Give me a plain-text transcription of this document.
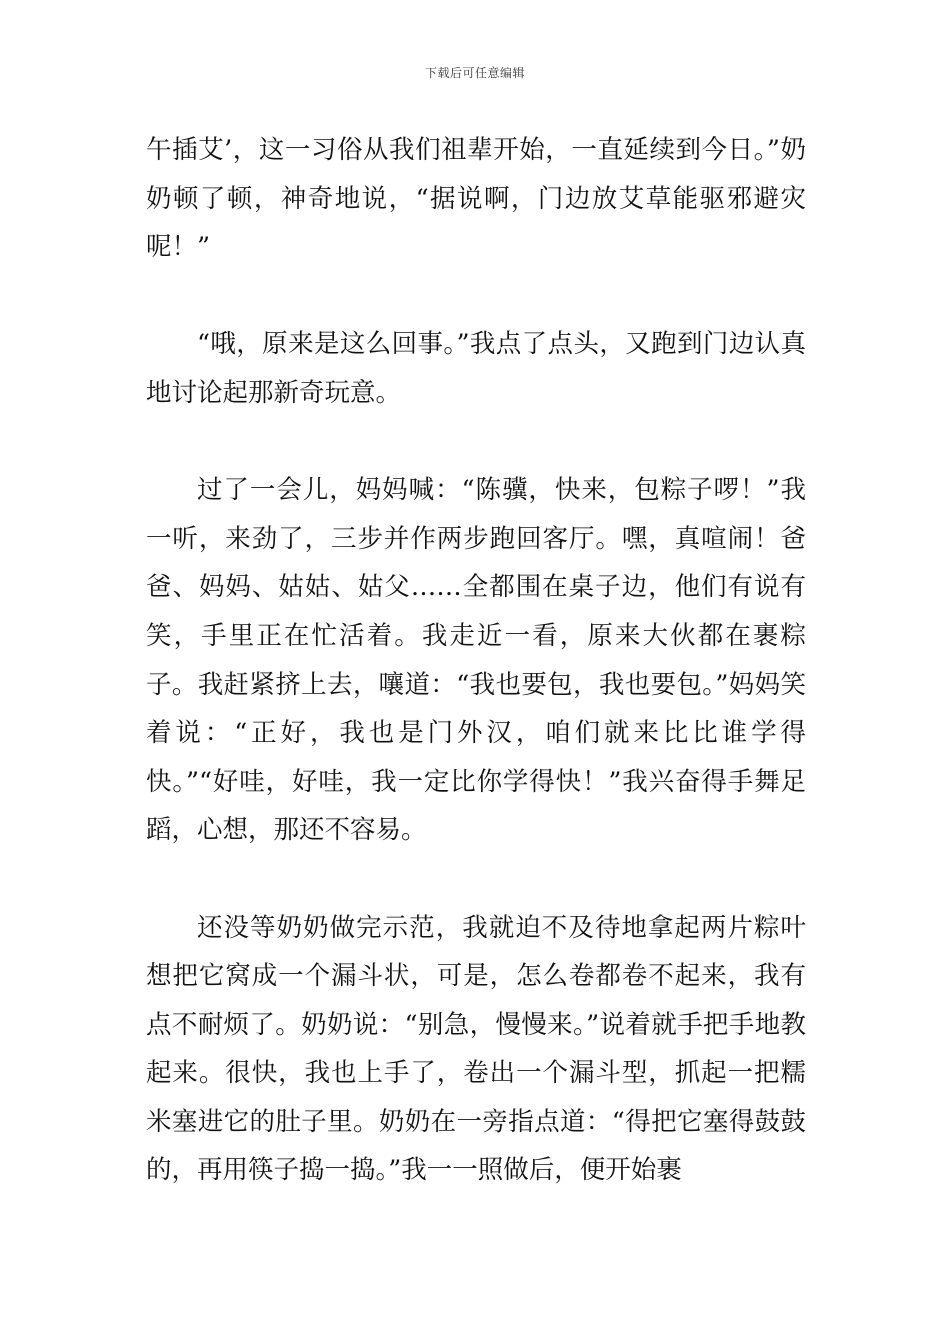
下载后可任意编辑

午插艾’，这一习俗从我们祖辈开始，一直延续到今日。”奶奶顿了顿，神奇地说，“据说啊，门边放艾草能驱邪避灾呢！”

“哦，原来是这么回事。”我点了点头，又跑到门边认真地讨论起那新奇玩意。

过了一会儿，妈妈喊：“陈骥，快来，包粽子啰！”我一听，来劲了，三步并作两步跑回客厅。嘿，真喧闹！爸爸、妈妈、姑姑、姑父……全都围在桌子边，他们有说有笑，手里正在忙活着。我走近一看，原来大伙都在裹粽子。我赶紧挤上去，嚷道：“我也要包，我也要包。”妈妈笑着说：“正好，我也是门外汉，咱们就来比比谁学得快。”“好哇，好哇，我一定比你学得快！”我兴奋得手舞足蹈，心想，那还不容易。

还没等奶奶做完示范，我就迫不及待地拿起两片粽叶想把它窝成一个漏斗状，可是，怎么卷都卷不起来，我有点不耐烦了。奶奶说：“别急，慢慢来。”说着就手把手地教起来。很快，我也上手了，卷出一个漏斗型，抓起一把糯米塞进它的肚子里。奶奶在一旁指点道：“得把它塞得鼓鼓的，再用筷子捣一捣。”我一一照做后，便开始裹
